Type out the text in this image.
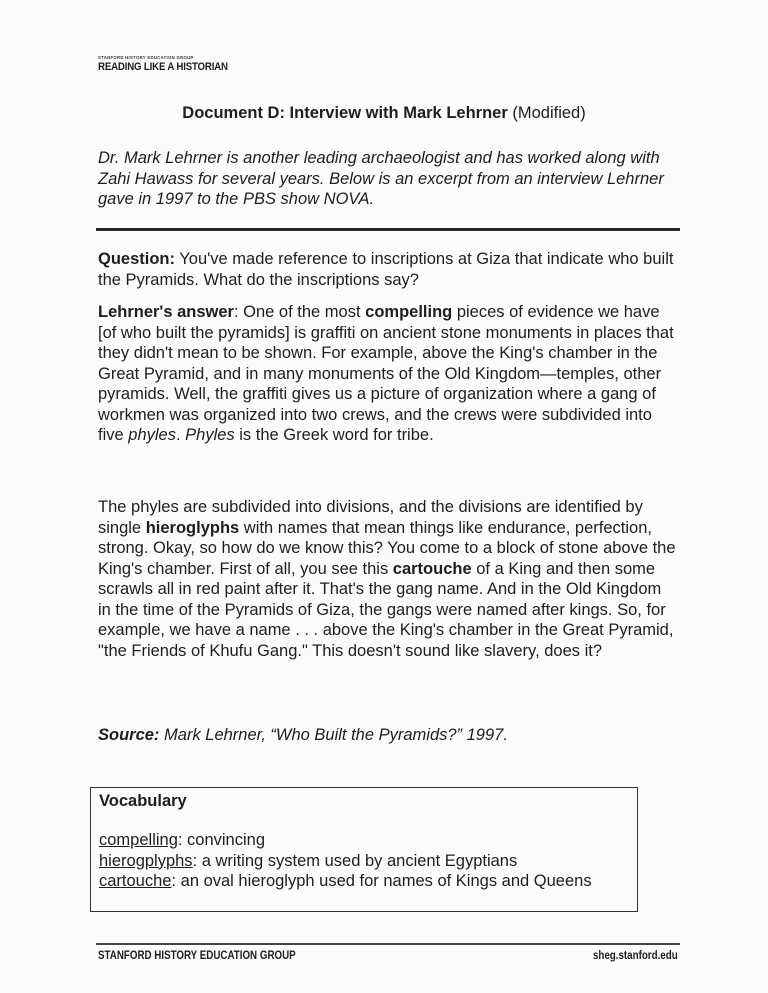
STANFORD HISTORY EDUCATION GROUP
READING LIKE A HISTORIAN
Document D: Interview with Mark Lehrner (Modified)
Dr. Mark Lehrner is another leading archaeologist and has worked along with Zahi Hawass for several years. Below is an excerpt from an interview Lehrner gave in 1997 to the PBS show NOVA.
Question: You've made reference to inscriptions at Giza that indicate who built the Pyramids. What do the inscriptions say?
Lehrner's answer: One of the most compelling pieces of evidence we have [of who built the pyramids] is graffiti on ancient stone monuments in places that they didn't mean to be shown. For example, above the King's chamber in the Great Pyramid, and in many monuments of the Old Kingdom—temples, other pyramids. Well, the graffiti gives us a picture of organization where a gang of workmen was organized into two crews, and the crews were subdivided into five phyles. Phyles is the Greek word for tribe.
The phyles are subdivided into divisions, and the divisions are identified by single hieroglyphs with names that mean things like endurance, perfection, strong. Okay, so how do we know this? You come to a block of stone above the King's chamber. First of all, you see this cartouche of a King and then some scrawls all in red paint after it. That's the gang name. And in the Old Kingdom in the time of the Pyramids of Giza, the gangs were named after kings. So, for example, we have a name . . . above the King's chamber in the Great Pyramid, "the Friends of Khufu Gang." This doesn't sound like slavery, does it?
Source: Mark Lehrner, “Who Built the Pyramids?” 1997.
Vocabulary
compelling: convincing
hierogplyphs: a writing system used by ancient Egyptians
cartouche: an oval hieroglyph used for names of Kings and Queens
STANFORD HISTORY EDUCATION GROUP	sheg.stanford.edu
